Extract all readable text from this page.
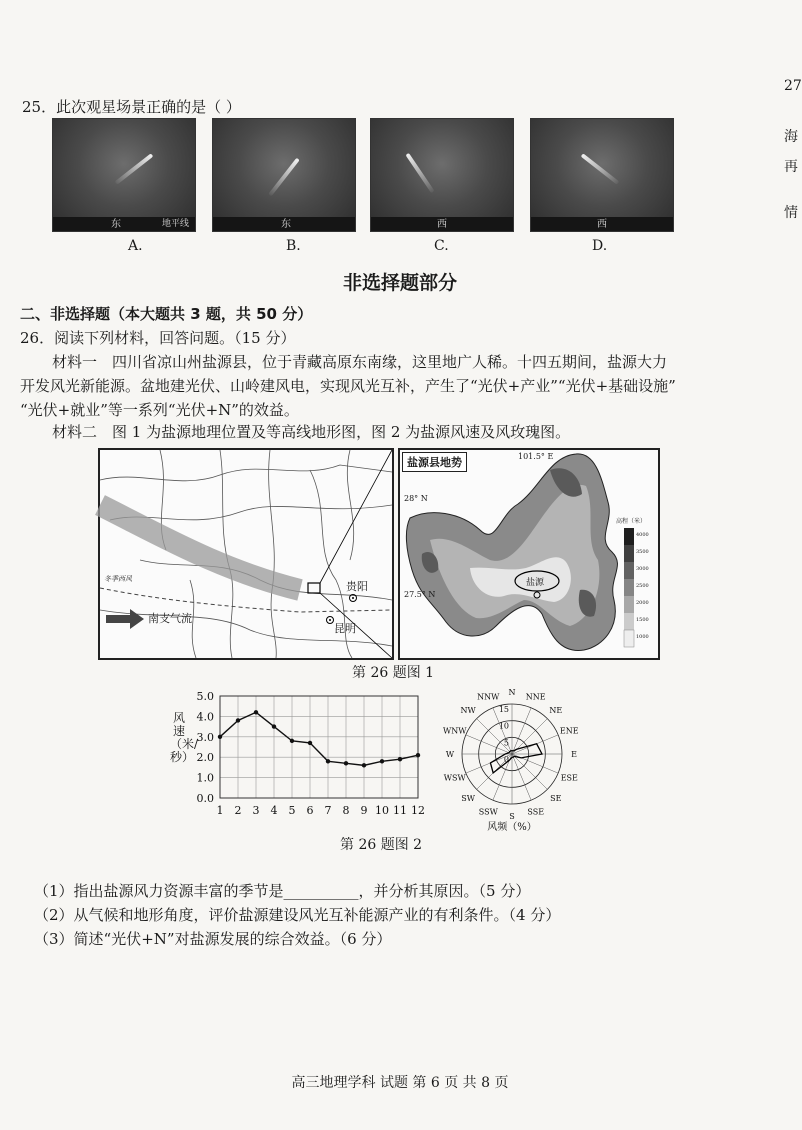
27
海
再
情
25．此次观星场景正确的是（ ）
东	地平线	东	西	西
A.	B.	C.	D.
非选择题部分
二、非选择题（本大题共 3 题，共 50 分）
26．阅读下列材料，回答问题。（15 分）
材料一　四川省凉山州盐源县，位于青藏高原东南缘，这里地广人稀。十四五期间，盐源大力
开发风光新能源。盆地建光伏、山岭建风电，实现风光互补，产生了“光伏+产业”“光伏+基础设施”
“光伏+就业”等一系列“光伏+N”的效益。
材料二　图 1 为盐源地理位置及等高线地形图，图 2 为盐源风速及风玫瑰图。
南支气流
冬季西风
贵阳
昆明
盐源县地势	101.5° E
28° N
27.5° N
盐源
高程（米）
4000
3500
3000
2500
2000
1500
1000
第 26 题图 1
5.0
4.0
3.0
2.0
1.0
0.0
1 2 3 4 5 6 7 8 9 10 11 12
风速（米/秒）
N
NNE
NE
ENE
E
ESE
SE
SSE
S
SSW
SW
WSW
W
WNW
NW
NNW
15
10
5
0
风频（%）
第 26 题图 2
（1）指出盐源风力资源丰富的季节是__________，并分析其原因。（5 分）
（2）从气候和地形角度，评价盐源建设风光互补能源产业的有利条件。（4 分）
（3）简述“光伏+N”对盐源发展的综合效益。（6 分）
高三地理学科 试题 第 6 页 共 8 页
